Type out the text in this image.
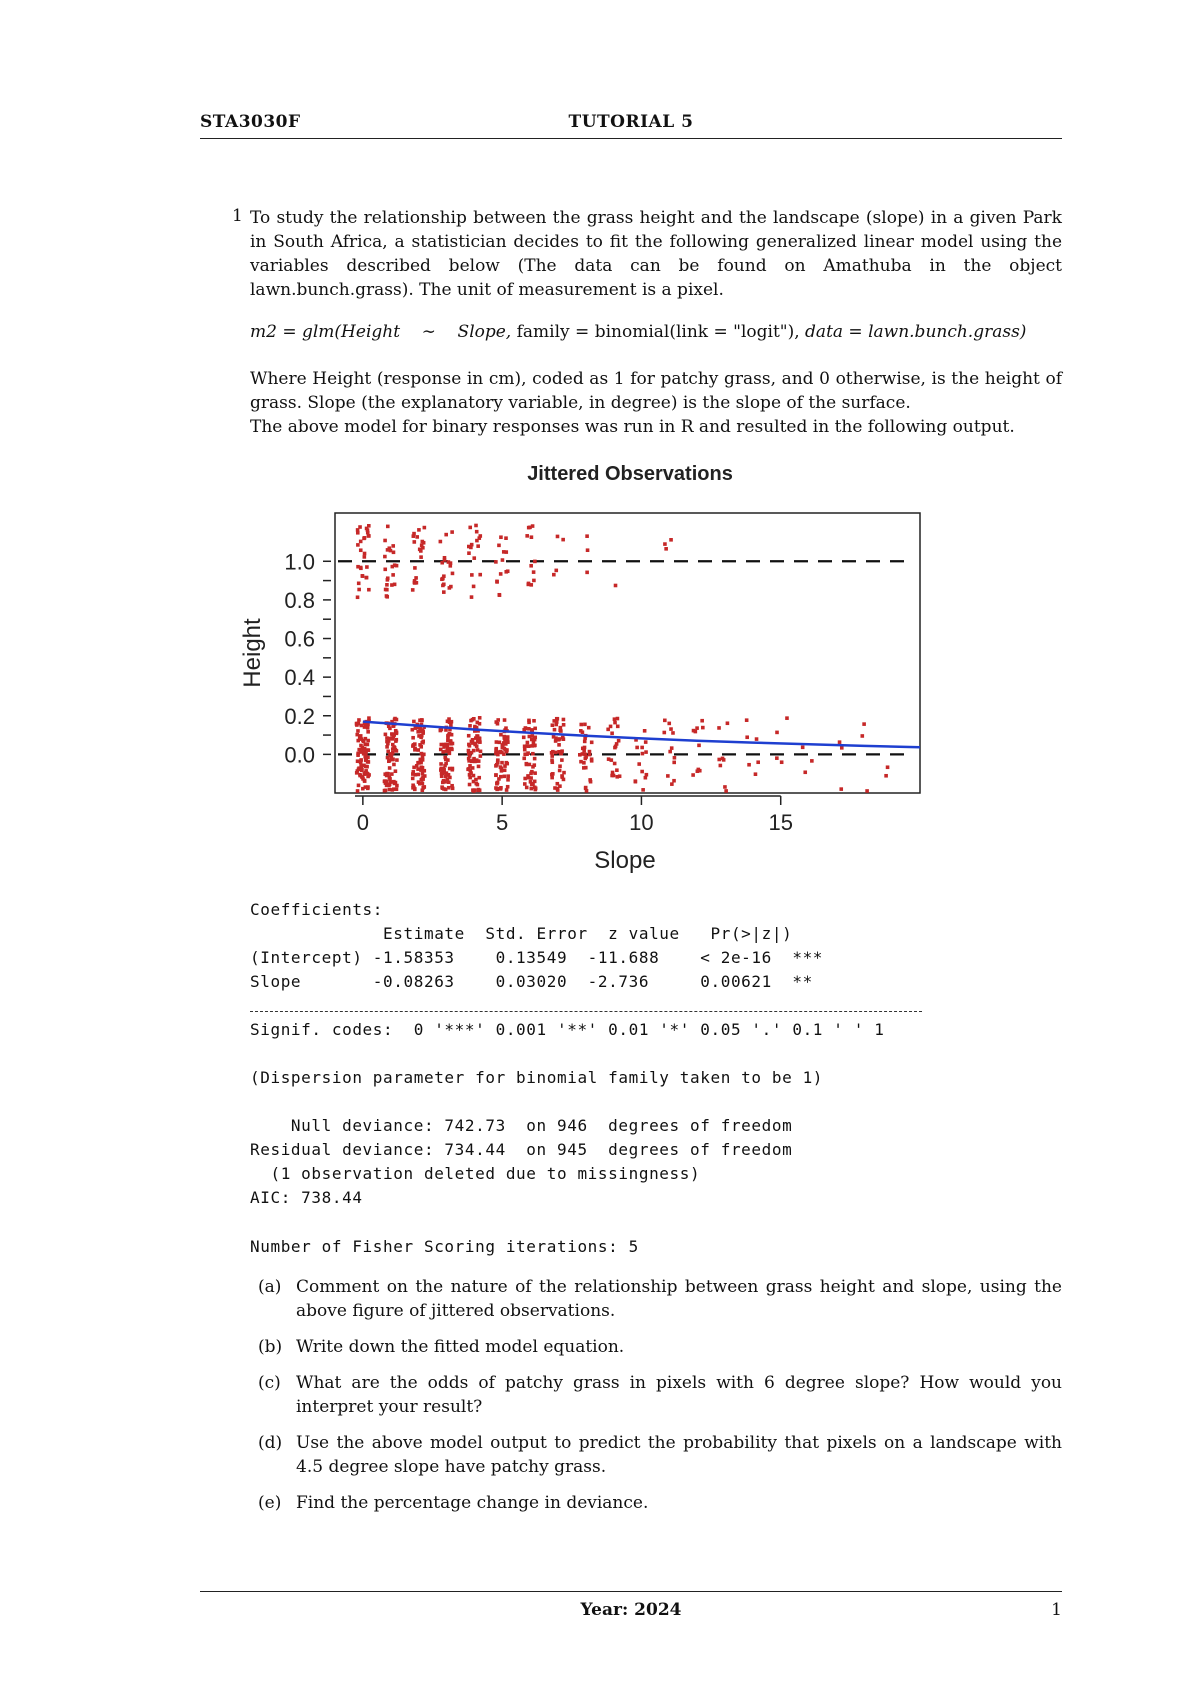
STA3030F	TUTORIAL 5
1 To study the relationship between the grass height and the landscape (slope) in a given Park in South Africa, a statistician decides to fit the following generalized linear model using the variables described below (The data can be found on Amathuba in the object lawn.bunch.grass). The unit of measurement is a pixel.
m2 = glm(Height ∼ Slope, family = binomial(link = "logit"), data = lawn.bunch.grass)
Where Height (response in cm), coded as 1 for patchy grass, and 0 otherwise, is the height of grass. Slope (the explanatory variable, in degree) is the slope of the surface.
The above model for binary responses was run in R and resulted in the following output.
Jittered Observations
0.0
0.2
0.4
0.6
0.8
1.0
0	5	10	15
Slope
Height
Coefficients:
Estimate  Std. Error  z value   Pr(>|z|)
(Intercept) -1.58353    0.13549  -11.688    < 2e-16  ***
Slope       -0.08263    0.03020  -2.736     0.00621  **
Signif. codes:  0 '***' 0.001 '**' 0.01 '*' 0.05 '.' 0.1 ' ' 1
(Dispersion parameter for binomial family taken to be 1)
Null deviance: 742.73  on 946  degrees of freedom
Residual deviance: 734.44  on 945  degrees of freedom
(1 observation deleted due to missingness)
AIC: 738.44
Number of Fisher Scoring iterations: 5
(a) Comment on the nature of the relationship between grass height and slope, using the above figure of jittered observations.
(b) Write down the fitted model equation.
(c) What are the odds of patchy grass in pixels with 6 degree slope? How would you interpret your result?
(d) Use the above model output to predict the probability that pixels on a landscape with 4.5 degree slope have patchy grass.
(e) Find the percentage change in deviance.
Year: 2024	1
